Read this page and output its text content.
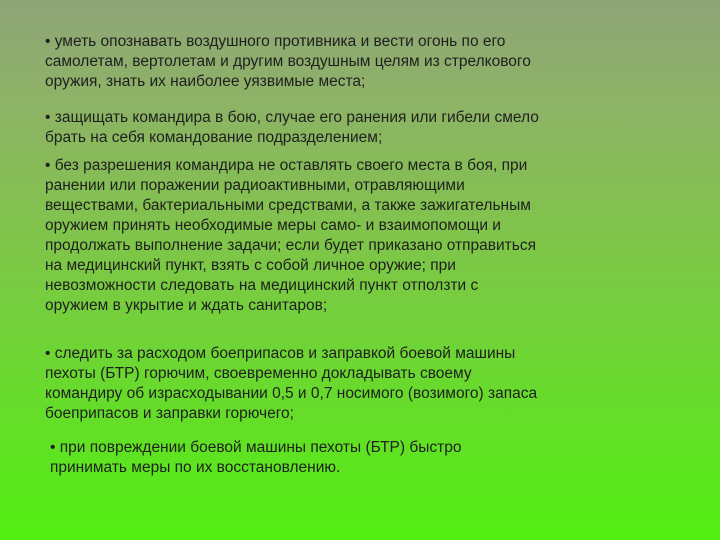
• уметь опознавать воздушного противника и вести огонь по его
самолетам, вертолетам и другим воздушным целям из стрелкового
оружия, знать их наиболее уязвимые места;

• защищать командира в бою, случае его ранения или гибели смело
брать на себя командование подразделением;

• без разрешения командира не оставлять своего места в боя, при
ранении или поражении радиоактивными, отравляющими
веществами, бактериальными средствами, а также зажигательным
оружием принять необходимые меры само- и взаимопомощи и
продолжать выполнение задачи; если будет приказано отправиться
на медицинский пункт, взять с собой личное оружие; при
невозможности следовать на медицинский пункт отползти с
оружием в укрытие и ждать санитаров;

• следить за расходом боеприпасов и заправкой боевой машины
пехоты (БТР) горючим, своевременно докладывать своему
командиру об израсходывании 0,5 и 0,7 носимого (возимого) запаса
боеприпасов и заправки горючего;

• при повреждении боевой машины пехоты (БТР) быстро
принимать меры по их восстановлению.
